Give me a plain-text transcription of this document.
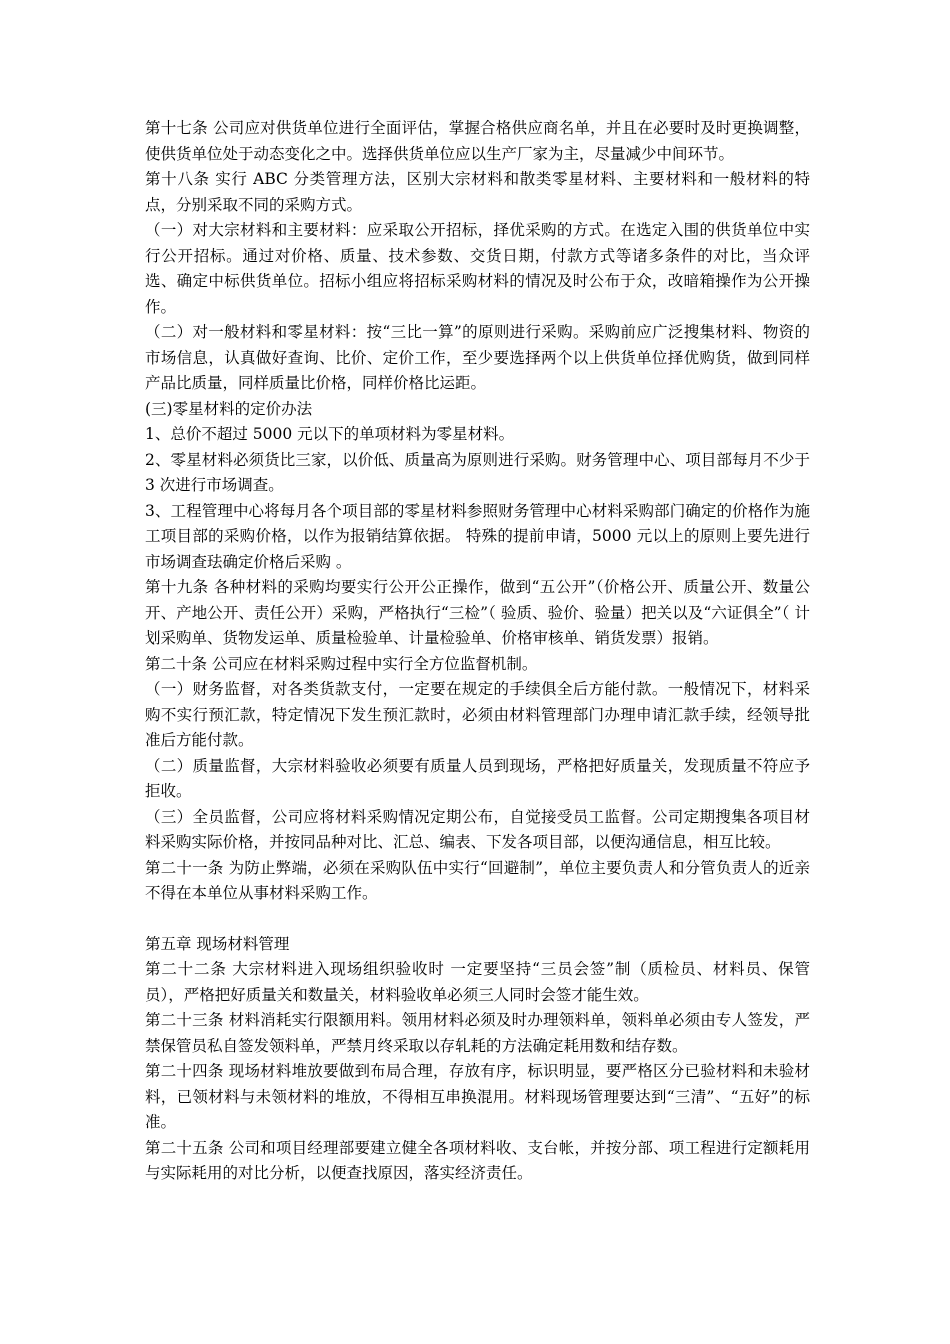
第十七条 公司应对供货单位进行全面评估，掌握合格供应商名单，并且在必要时及时更换调整，使供货单位处于动态变化之中。选择供货单位应以生产厂家为主，尽量减少中间环节。

第十八条 实行 ABC 分类管理方法，区别大宗材料和散类零星材料、主要材料和一般材料的特点，分别采取不同的采购方式。

（一）对大宗材料和主要材料：应采取公开招标，择优采购的方式。在选定入围的供货单位中实行公开招标。通过对价格、质量、技术参数、交货日期，付款方式等诸多条件的对比，当众评选、确定中标供货单位。招标小组应将招标采购材料的情况及时公布于众，改暗箱操作为公开操作。

（二）对一般材料和零星材料：按“三比一算”的原则进行采购。采购前应广泛搜集材料、物资的市场信息，认真做好查询、比价、定价工作，至少要选择两个以上供货单位择优购货，做到同样产品比质量，同样质量比价格，同样价格比运距。

(三)零星材料的定价办法

1、总价不超过 5000 元以下的单项材料为零星材料。

2、零星材料必须货比三家，以价低、质量高为原则进行采购。财务管理中心、项目部每月不少于 3 次进行市场调查。

3、工程管理中心将每月各个项目部的零星材料参照财务管理中心材料采购部门确定的价格作为施工项目部的采购价格，以作为报销结算依据。 特殊的提前申请，5000 元以上的原则上要先进行市场调查珐确定价格后采购 。

第十九条 各种材料的采购均要实行公开公正操作，做到“五公开”（价格公开、质量公开、数量公开、产地公开、责任公开）采购，严格执行“三检”（ 验质、验价、验量）把关以及“六证俱全”（ 计划采购单、货物发运单、质量检验单、计量检验单、价格审核单、销货发票）报销。

第二十条 公司应在材料采购过程中实行全方位监督机制。

（一）财务监督，对各类货款支付，一定要在规定的手续俱全后方能付款。一般情况下，材料采购不实行预汇款，特定情况下发生预汇款时，必须由材料管理部门办理申请汇款手续，经领导批准后方能付款。

（二）质量监督，大宗材料验收必须要有质量人员到现场，严格把好质量关，发现质量不符应予拒收。

（三）全员监督，公司应将材料采购情况定期公布，自觉接受员工监督。公司定期搜集各项目材料采购实际价格，并按同品种对比、汇总、编表、下发各项目部，以便沟通信息，相互比较。

第二十一条 为防止弊端，必须在采购队伍中实行“回避制”，单位主要负责人和分管负责人的近亲不得在本单位从事材料采购工作。

第五章 现场材料管理

第二十二条 大宗材料进入现场组织验收时 一定要坚持“三员会签”制（质检员、材料员、保管员），严格把好质量关和数量关，材料验收单必须三人同时会签才能生效。

第二十三条 材料消耗实行限额用料。领用材料必须及时办理领料单，领料单必须由专人签发，严禁保管员私自签发领料单，严禁月终采取以存轧耗的方法确定耗用数和结存数。

第二十四条 现场材料堆放要做到布局合理，存放有序，标识明显，要严格区分已验材料和未验材料，已领材料与未领材料的堆放，不得相互串换混用。材料现场管理要达到“三清”、“五好”的标准。

第二十五条 公司和项目经理部要建立健全各项材料收、支台帐，并按分部、项工程进行定额耗用与实际耗用的对比分析，以便查找原因，落实经济责任。
